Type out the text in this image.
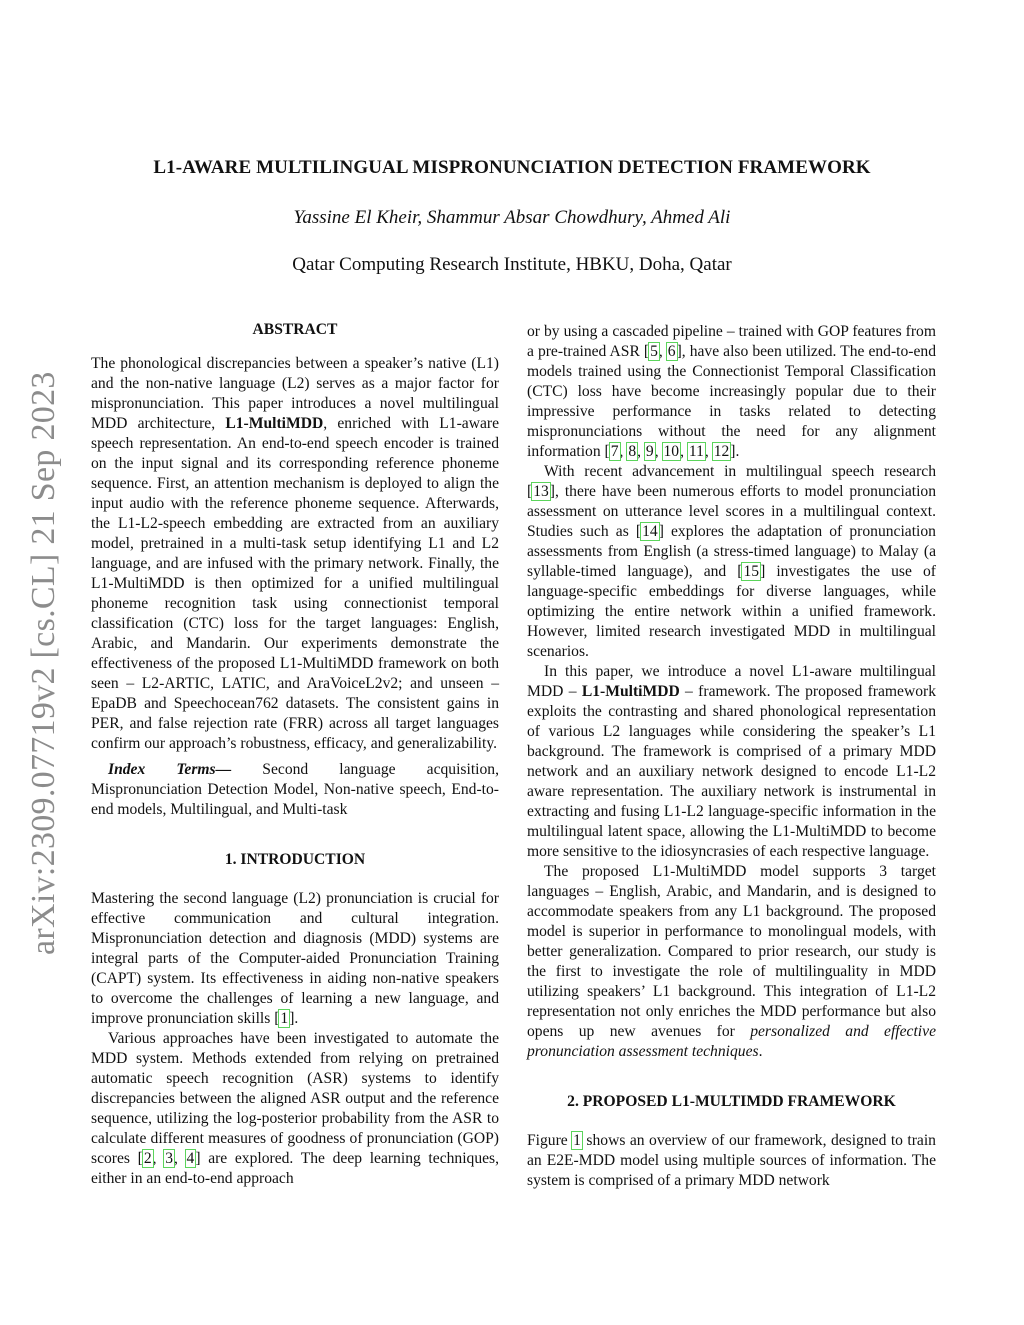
arXiv:2309.07719v2 [cs.CL] 21 Sep 2023
L1-AWARE MULTILINGUAL MISPRONUNCIATION DETECTION FRAMEWORK
Yassine El Kheir, Shammur Absar Chowdhury, Ahmed Ali
Qatar Computing Research Institute, HBKU, Doha, Qatar
ABSTRACT

The phonological discrepancies between a speaker’s native (L1) and the non-native language (L2) serves as a major factor for mispronunciation. This paper introduces a novel multilingual MDD architecture, L1-MultiMDD, enriched with L1-aware speech representation. An end-to-end speech encoder is trained on the input signal and its corresponding reference phoneme sequence. First, an attention mechanism is deployed to align the input audio with the reference phoneme sequence. Afterwards, the L1-L2-speech embedding are extracted from an auxiliary model, pretrained in a multi-task setup identifying L1 and L2 language, and are infused with the primary network. Finally, the L1-MultiMDD is then optimized for a unified multilingual phoneme recognition task using connectionist temporal classification (CTC) loss for the target languages: English, Arabic, and Mandarin. Our experiments demonstrate the effectiveness of the proposed L1-MultiMDD framework on both seen – L2-ARTIC, LATIC, and AraVoiceL2v2; and unseen – EpaDB and Speechocean762 datasets. The consistent gains in PER, and false rejection rate (FRR) across all target languages confirm our approach’s robustness, efficacy, and generalizability.

Index Terms— Second language acquisition, Mispronunciation Detection Model, Non-native speech, End-to-end models, Multilingual, and Multi-task

1. INTRODUCTION

Mastering the second language (L2) pronunciation is crucial for effective communication and cultural integration. Mispronunciation detection and diagnosis (MDD) systems are integral parts of the Computer-aided Pronunciation Training (CAPT) system. Its effectiveness in aiding non-native speakers to overcome the challenges of learning a new language, and improve pronunciation skills [1].

Various approaches have been investigated to automate the MDD system. Methods extended from relying on pretrained automatic speech recognition (ASR) systems to identify discrepancies between the aligned ASR output and the reference sequence, utilizing the log-posterior probability from the ASR to calculate different measures of goodness of pronunciation (GOP) scores [2, 3, 4] are explored. The deep learning techniques, either in an end-to-end approach

or by using a cascaded pipeline – trained with GOP features from a pre-trained ASR [5, 6], have also been utilized. The end-to-end models trained using the Connectionist Temporal Classification (CTC) loss have become increasingly popular due to their impressive performance in tasks related to detecting mispronunciations without the need for any alignment information [7, 8, 9, 10, 11, 12].

With recent advancement in multilingual speech research [13], there have been numerous efforts to model pronunciation assessment on utterance level scores in a multilingual context. Studies such as [14] explores the adaptation of pronunciation assessments from English (a stress-timed language) to Malay (a syllable-timed language), and [15] investigates the use of language-specific embeddings for diverse languages, while optimizing the entire network within a unified framework. However, limited research investigated MDD in multilingual scenarios.

In this paper, we introduce a novel L1-aware multilingual MDD – L1-MultiMDD – framework. The proposed framework exploits the contrasting and shared phonological representation of various L2 languages while considering the speaker’s L1 background. The framework is comprised of a primary MDD network and an auxiliary network designed to encode L1-L2 aware representation. The auxiliary network is instrumental in extracting and fusing L1-L2 language-specific information in the multilingual latent space, allowing the L1-MultiMDD to become more sensitive to the idiosyncrasies of each respective language.

The proposed L1-MultiMDD model supports 3 target languages – English, Arabic, and Mandarin, and is designed to accommodate speakers from any L1 background. The proposed model is superior in performance to monolingual models, with better generalization. Compared to prior research, our study is the first to investigate the role of multilinguality in MDD utilizing speakers’ L1 background. This integration of L1-L2 representation not only enriches the MDD performance but also opens up new avenues for personalized and effective pronunciation assessment techniques.

2. PROPOSED L1-MULTIMDD FRAMEWORK

Figure 1 shows an overview of our framework, designed to train an E2E-MDD model using multiple sources of information. The system is comprised of a primary MDD network
